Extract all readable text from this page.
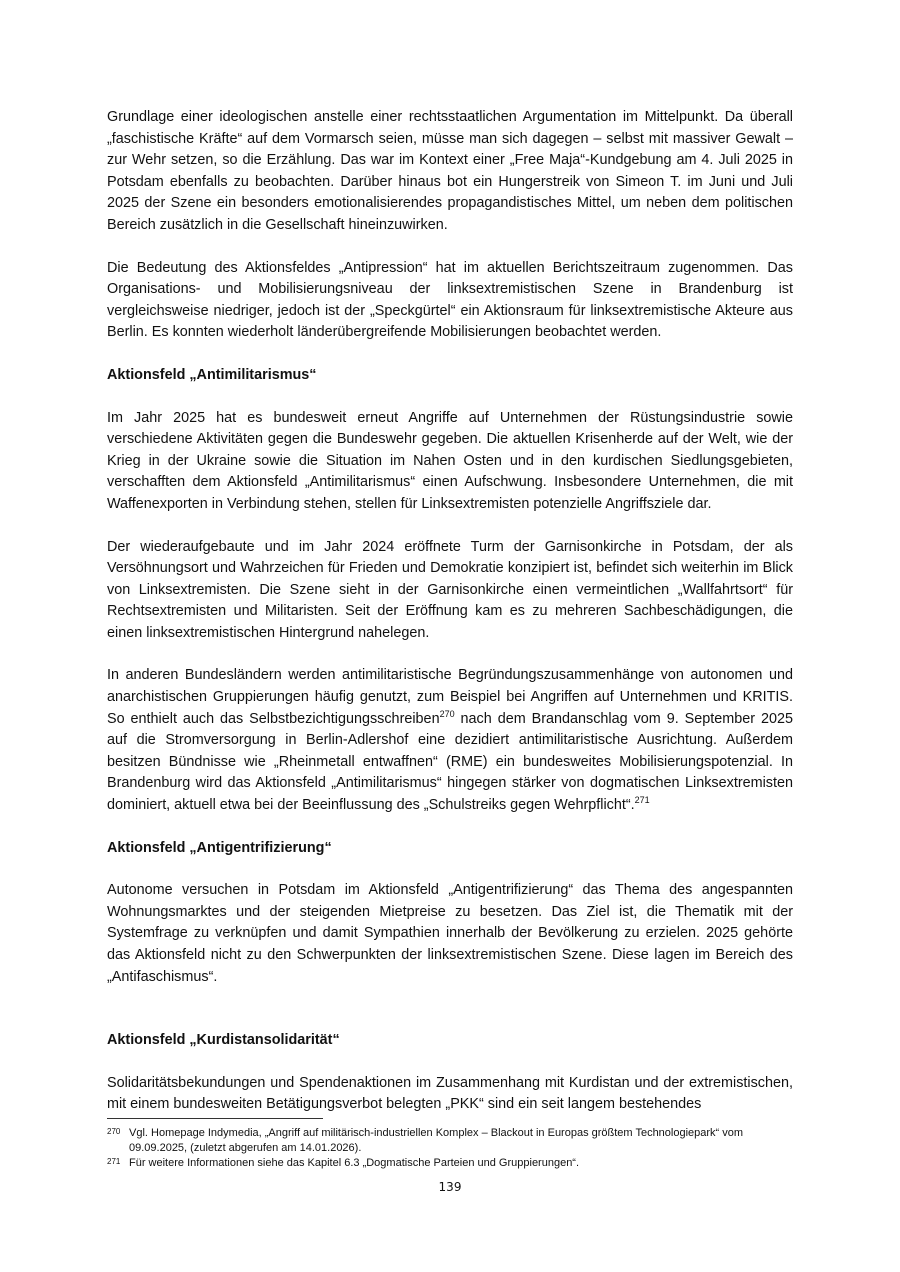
Grundlage einer ideologischen anstelle einer rechtsstaatlichen Argumentation im Mittelpunkt. Da überall „faschistische Kräfte“ auf dem Vormarsch seien, müsse man sich dagegen – selbst mit massiver Gewalt – zur Wehr setzen, so die Erzählung. Das war im Kontext einer „Free Maja“-Kundgebung am 4. Juli 2025 in Potsdam ebenfalls zu beobachten. Darüber hinaus bot ein Hungerstreik von Simeon T. im Juni und Juli 2025 der Szene ein besonders emotionalisierendes propagandistisches Mittel, um neben dem politischen Bereich zusätzlich in die Gesellschaft hineinzuwirken.

Die Bedeutung des Aktionsfeldes „Antipression“ hat im aktuellen Berichtszeitraum zugenommen. Das Organisations- und Mobilisierungsniveau der linksextremistischen Szene in Brandenburg ist vergleichsweise niedriger, jedoch ist der „Speckgürtel“ ein Aktionsraum für linksextremistische Akteure aus Berlin. Es konnten wiederholt länderübergreifende Mobilisierungen beobachtet werden.

Aktionsfeld „Antimilitarismus“

Im Jahr 2025 hat es bundesweit erneut Angriffe auf Unternehmen der Rüstungsindustrie sowie verschiedene Aktivitäten gegen die Bundeswehr gegeben. Die aktuellen Krisenherde auf der Welt, wie der Krieg in der Ukraine sowie die Situation im Nahen Osten und in den kurdischen Siedlungsgebieten, verschafften dem Aktionsfeld „Antimilitarismus“ einen Aufschwung. Insbesondere Unternehmen, die mit Waffenexporten in Verbindung stehen, stellen für Linksextremisten potenzielle Angriffsziele dar.

Der wiederaufgebaute und im Jahr 2024 eröffnete Turm der Garnisonkirche in Potsdam, der als Versöhnungsort und Wahrzeichen für Frieden und Demokratie konzipiert ist, befindet sich weiterhin im Blick von Linksextremisten. Die Szene sieht in der Garnisonkirche einen vermeintlichen „Wallfahrtsort“ für Rechtsextremisten und Militaristen. Seit der Eröffnung kam es zu mehreren Sachbeschädigungen, die einen linksextremistischen Hintergrund nahelegen.

In anderen Bundesländern werden antimilitaristische Begründungszusammenhänge von autonomen und anarchistischen Gruppierungen häufig genutzt, zum Beispiel bei Angriffen auf Unternehmen und KRITIS. So enthielt auch das Selbstbezichtigungsschreiben$^{270}$ nach dem Brandanschlag vom 9. September 2025 auf die Stromversorgung in Berlin-Adlershof eine dezidiert antimilitaristische Ausrichtung. Außerdem besitzen Bündnisse wie „Rheinmetall entwaffnen“ (RME) ein bundesweites Mobilisierungspotenzial. In Brandenburg wird das Aktionsfeld „Antimilitarismus“ hingegen stärker von dogmatischen Linksextremisten dominiert, aktuell etwa bei der Beeinflussung des „Schulstreiks gegen Wehrpflicht“.$^{271}$

Aktionsfeld „Antigentrifizierung“

Autonome versuchen in Potsdam im Aktionsfeld „Antigentrifizierung“ das Thema des angespannten Wohnungsmarktes und der steigenden Mietpreise zu besetzen. Das Ziel ist, die Thematik mit der Systemfrage zu verknüpfen und damit Sympathien innerhalb der Bevölkerung zu erzielen. 2025 gehörte das Aktionsfeld nicht zu den Schwerpunkten der linksextremistischen Szene. Diese lagen im Bereich des „Antifaschismus“.

Aktionsfeld „Kurdistansolidarität“

Solidaritätsbekundungen und Spendenaktionen im Zusammenhang mit Kurdistan und der extremistischen, mit einem bundesweiten Betätigungsverbot belegten „PKK“ sind ein seit langem bestehendes

270 Vgl. Homepage Indymedia, „Angriff auf militärisch-industriellen Komplex – Blackout in Europas größtem Technologiepark“ vom 09.09.2025, (zuletzt abgerufen am 14.01.2026).
271 Für weitere Informationen siehe das Kapitel 6.3 „Dogmatische Parteien und Gruppierungen“.
139
